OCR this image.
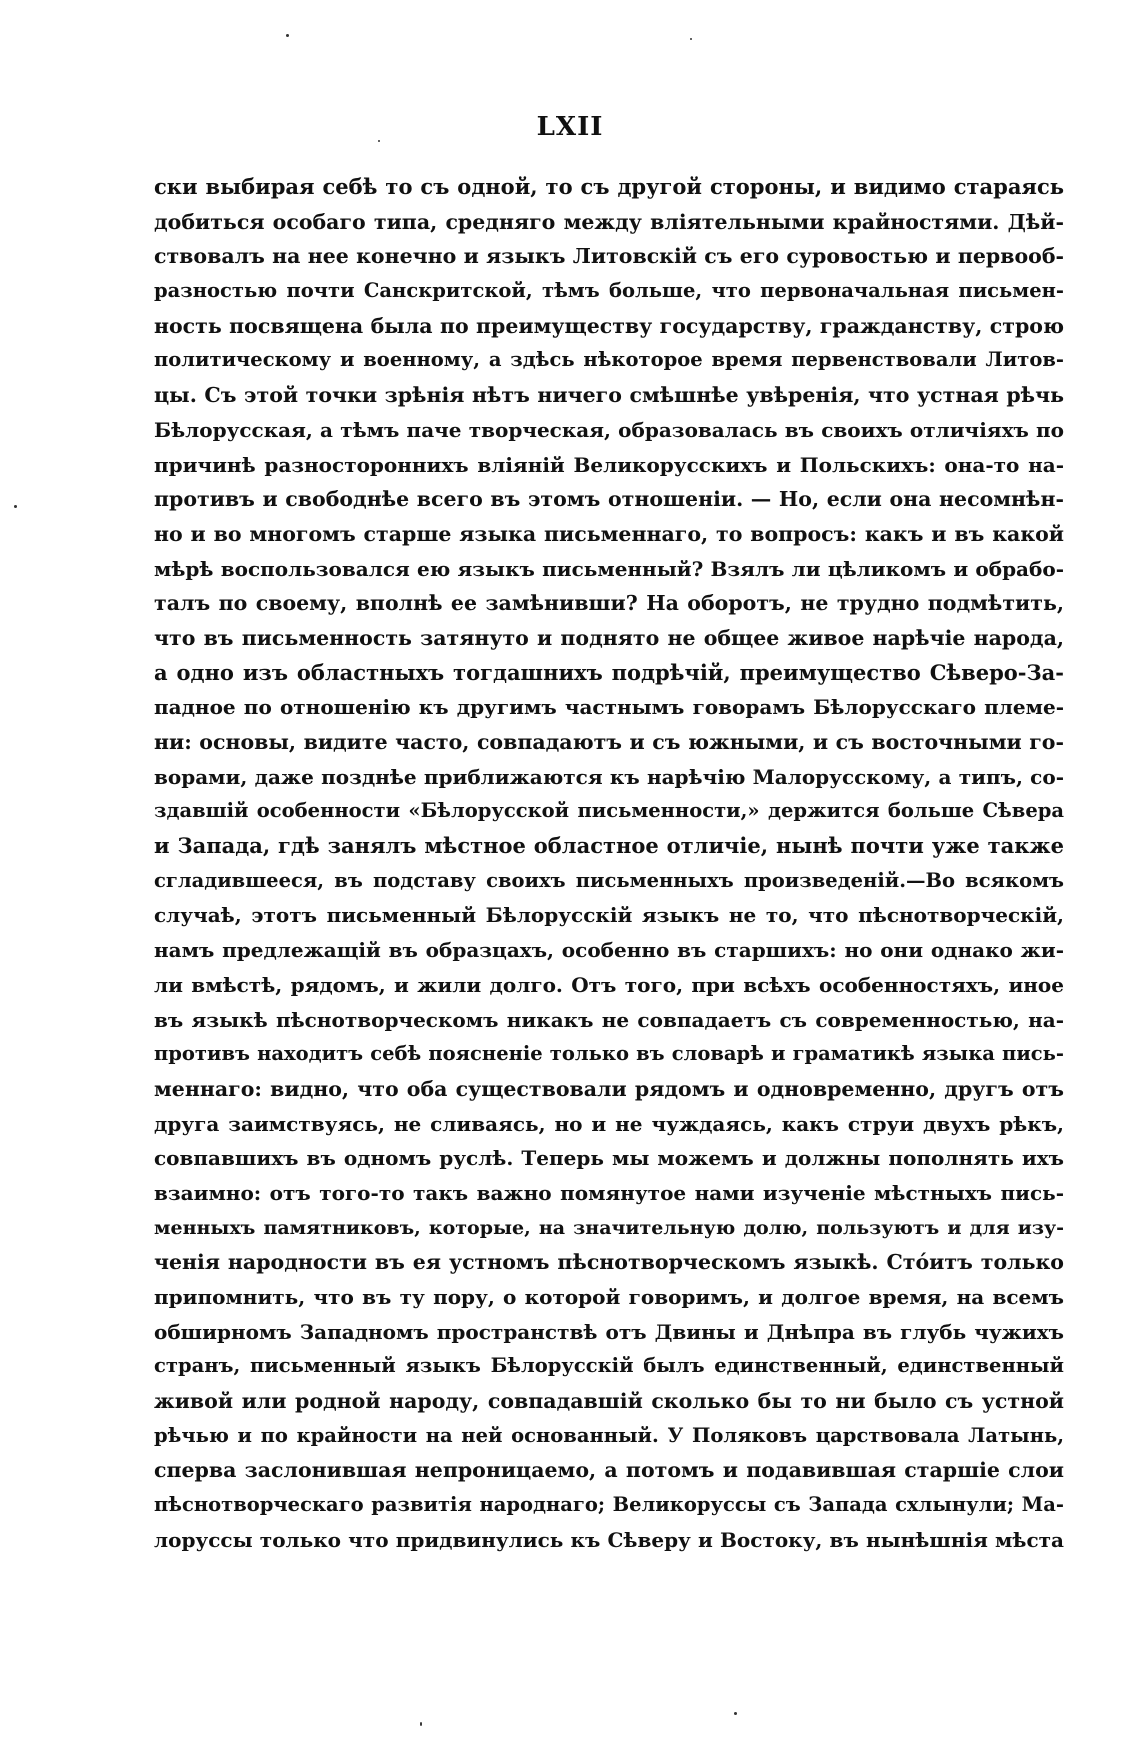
LXII
ски выбирая себѣ то съ одной, то съ другой стороны, и видимо стараясь
добиться особаго типа, средняго между вліятельными крайностями. Дѣй-
ствовалъ на нее конечно и языкъ Литовскій съ его суровостью и первооб-
разностью почти Санскритской, тѣмъ больше, что первоначальная письмен-
ность посвящена была по преимуществу государству, гражданству, строю
политическому и военному, а здѣсь нѣкоторое время первенствовали Литов-
цы. Съ этой точки зрѣнія нѣтъ ничего смѣшнѣе увѣренія, что устная рѣчь
Бѣлорусская, а тѣмъ паче творческая, образовалась въ своихъ отличіяхъ по
причинѣ разностороннихъ вліяній Великорусскихъ и Польскихъ: она-то на-
противъ и свободнѣе всего въ этомъ отношеніи. — Но, если она несомнѣн-
но и во многомъ старше языка письменнаго, то вопросъ: какъ и въ какой
мѣрѣ воспользовался ею языкъ письменный? Взялъ ли цѣликомъ и обрабо-
талъ по своему, вполнѣ ее замѣнивши? На оборотъ, не трудно подмѣтить,
что въ письменность затянуто и поднято не общее живое нарѣчіе народа,
а одно изъ областныхъ тогдашнихъ подрѣчій, преимущество Сѣверо-За-
падное по отношенію къ другимъ частнымъ говорамъ Бѣлорусскаго племе-
ни: основы, видите часто, совпадаютъ и съ южными, и съ восточными го-
ворами, даже позднѣе приближаются къ нарѣчію Малорусскому, а типъ, со-
здавшій особенности «Бѣлорусской письменности,» держится больше Сѣвера
и Запада, гдѣ занялъ мѣстное областное отличіе, нынѣ почти уже также
сгладившееся, въ подставу своихъ письменныхъ произведеній.—Во всякомъ
случаѣ, этотъ письменный Бѣлорусскій языкъ не то, что пѣснотворческій,
намъ предлежащій въ образцахъ, особенно въ старшихъ: но они однако жи-
ли вмѣстѣ, рядомъ, и жили долго. Отъ того, при всѣхъ особенностяхъ, иное
въ языкѣ пѣснотворческомъ никакъ не совпадаетъ съ современностью, на-
противъ находитъ себѣ поясненіе только въ словарѣ и граматикѣ языка пись-
меннаго: видно, что оба существовали рядомъ и одновременно, другъ отъ
друга заимствуясь, не сливаясь, но и не чуждаясь, какъ струи двухъ рѣкъ,
совпавшихъ въ одномъ руслѣ. Теперь мы можемъ и должны пополнять ихъ
взаимно: отъ того-то такъ важно помянутое нами изученіе мѣстныхъ пись-
менныхъ памятниковъ, которые, на значительную долю, пользуютъ и для изу-
ченія народности въ ея устномъ пѣснотворческомъ языкѣ. Стóитъ только
припомнить, что въ ту пору, о которой говоримъ, и долгое время, на всемъ
обширномъ Западномъ пространствѣ отъ Двины и Днѣпра въ глубь чужихъ
странъ, письменный языкъ Бѣлорусскій былъ единственный, единственный
живой или родной народу, совпадавшій сколько бы то ни было съ устной
рѣчью и по крайности на ней основанный. У Поляковъ царствовала Латынь,
сперва заслонившая непроницаемо, а потомъ и подавившая старшіе слои
пѣснотворческаго развитія народнаго; Великоруссы съ Запада схлынули; Ма-
лоруссы только что придвинулись къ Сѣверу и Востоку, въ нынѣшнія мѣста
